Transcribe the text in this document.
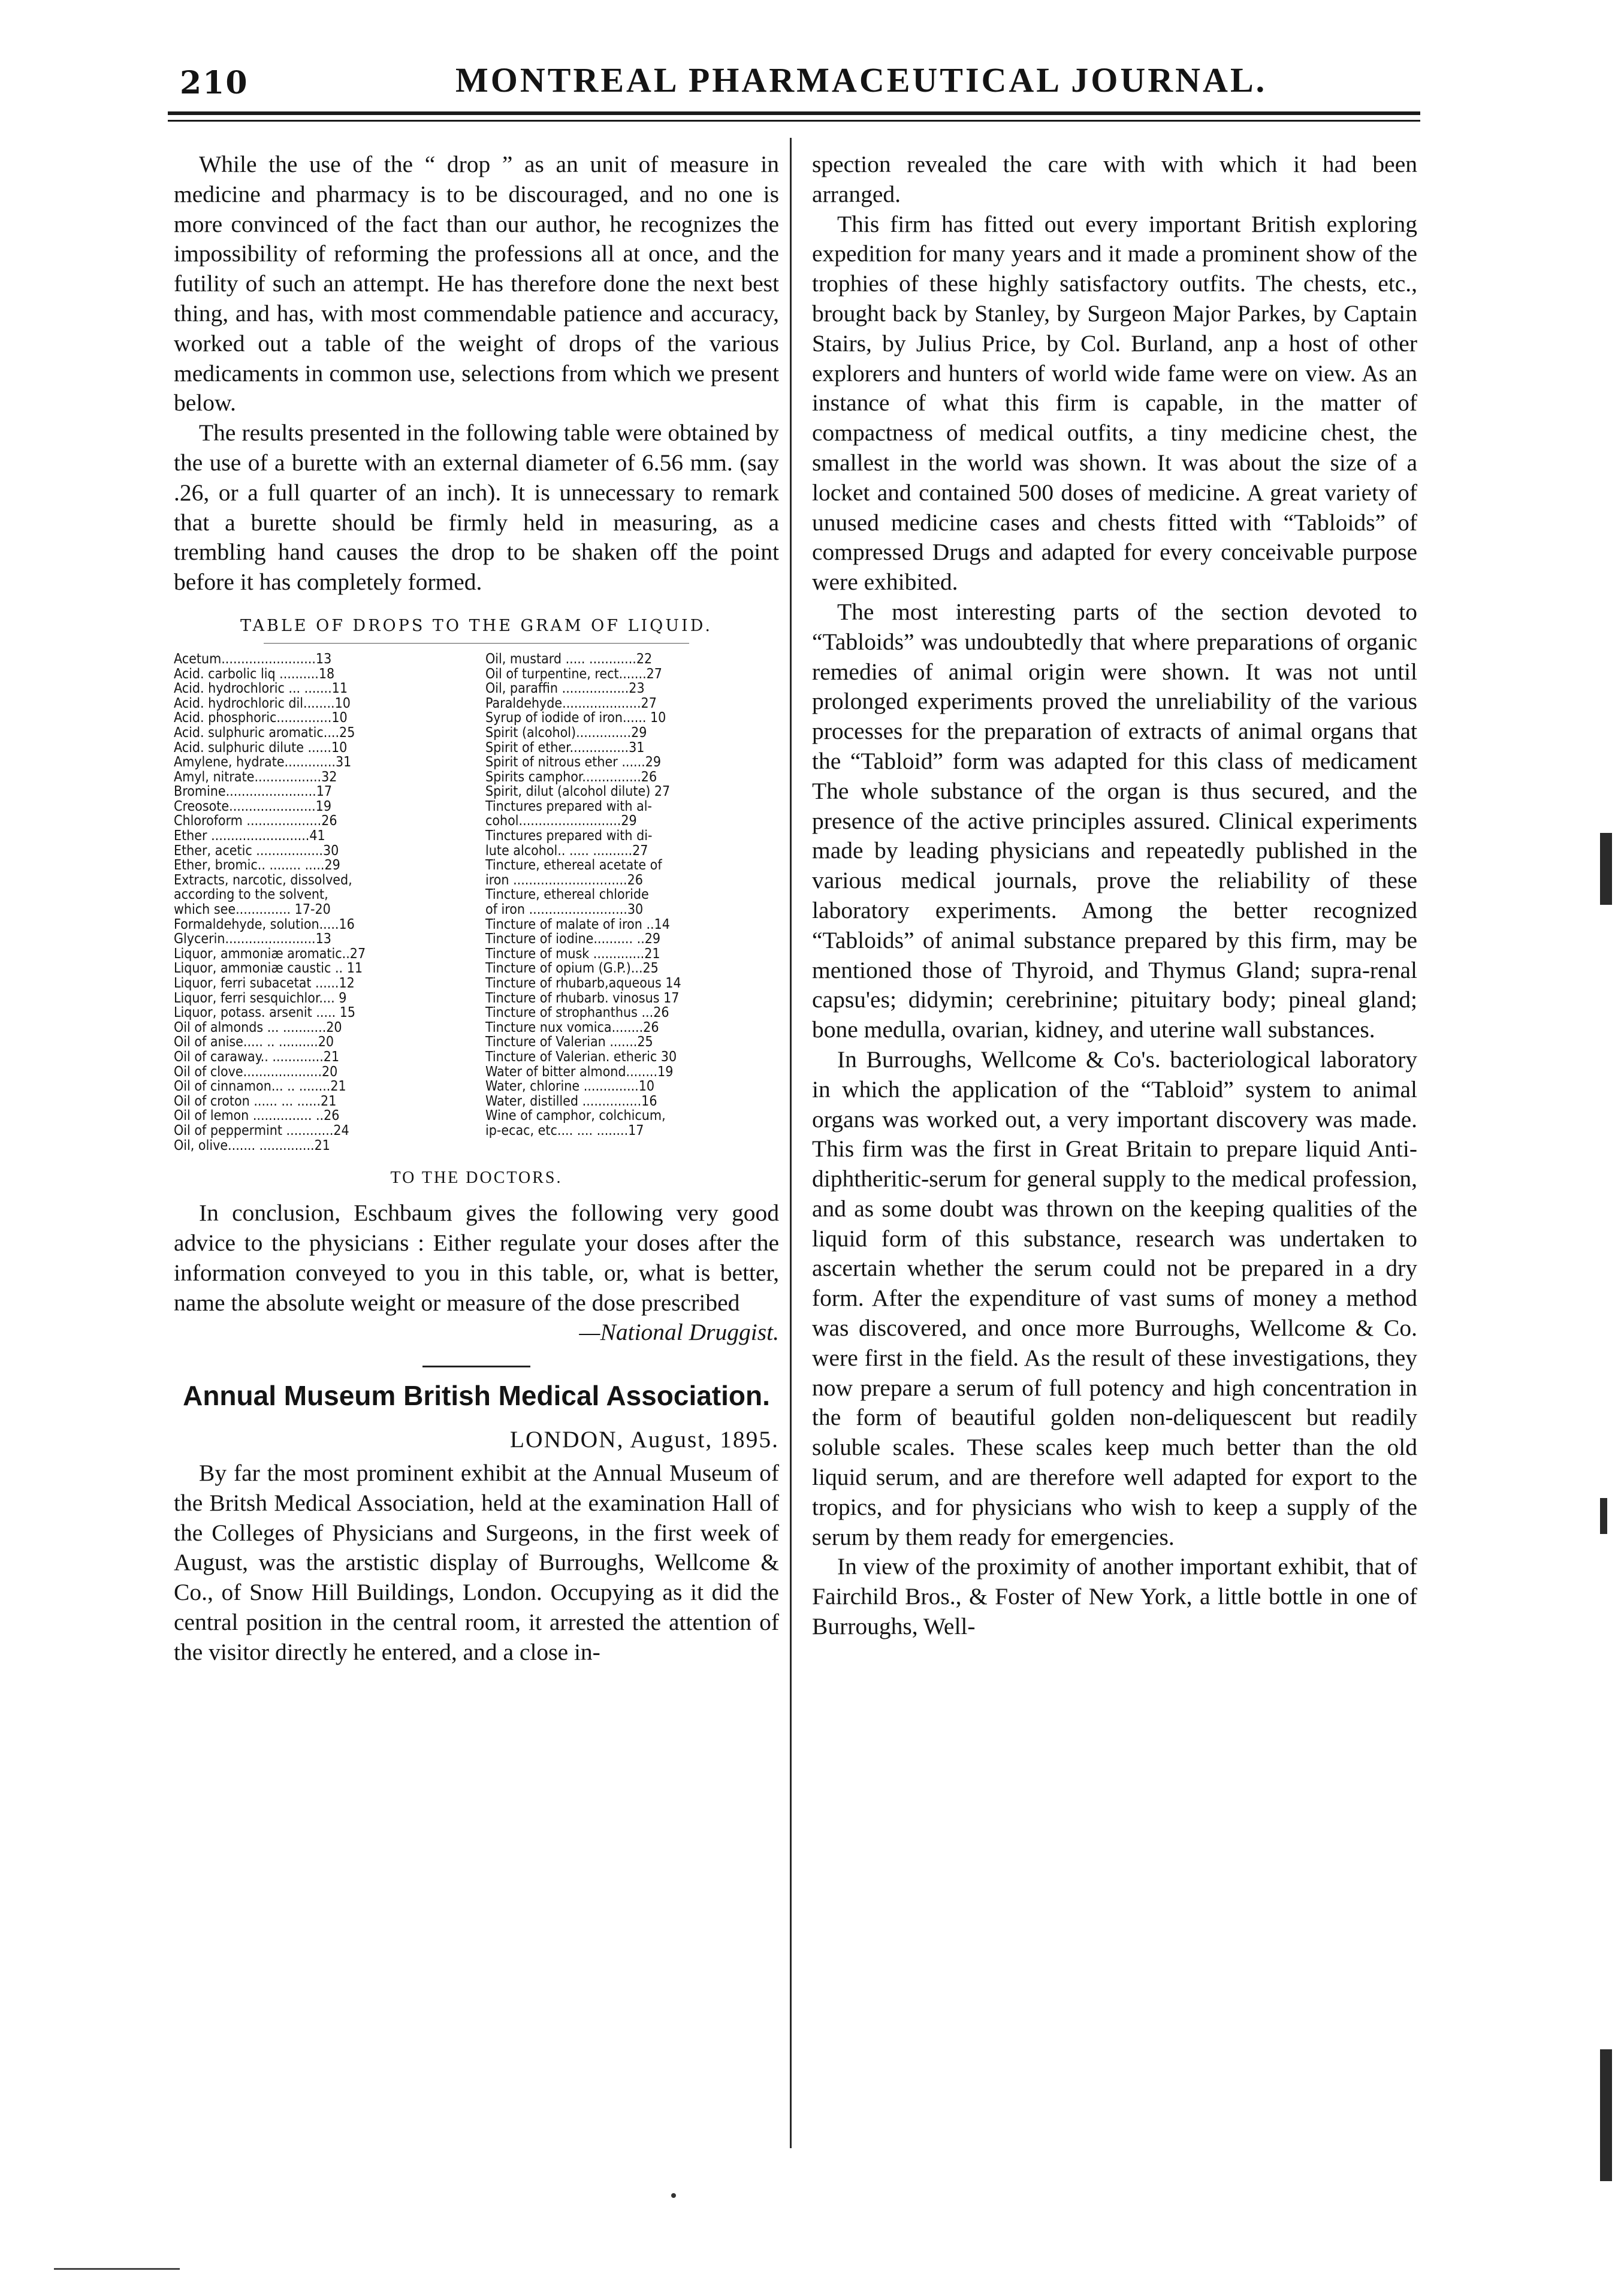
210	MONTREAL PHARMACEUTICAL JOURNAL.

While the use of the “ drop ” as an unit of measure in medicine and pharmacy is to be discouraged, and no one is more convinced of the fact than our author, he recognizes the impossibility of reforming the professions all at once, and the futility of such an attempt. He has therefore done the next best thing, and has, with most commendable patience and accuracy, worked out a table of the weight of drops of the various medicaments in common use, selections from which we present below.

The results presented in the following table were obtained by the use of a burette with an external diameter of 6.56 mm. (say .26, or a full quarter of an inch). It is unnecessary to remark that a burette should be firmly held in measuring, as a trembling hand causes the drop to be shaken off the point before it has completely formed.

TABLE OF DROPS TO THE GRAM OF LIQUID.
Acetum........................13
Acid. carbolic liq ..........18
Acid. hydrochloric ... .......11
Acid. hydrochloric dil........10
Acid. phosphoric..............10
Acid. sulphuric aromatic....25
Acid. sulphuric dilute ......10
Amylene, hydrate.............31
Amyl, nitrate.................32
Bromine.......................17
Creosote......................19
Chloroform ...................26
Ether .........................41
Ether, acetic .................30
Ether, bromic.. ........ .....29
Extracts, narcotic, dissolved,
according to the solvent,
which see.............. 17-20
Formaldehyde, solution.....16
Glycerin.......................13
Liquor, ammoniæ aromatic..27
Liquor, ammoniæ caustic .. 11
Liquor, ferri subacetat ......12
Liquor, ferri sesquichlor.... 9
Liquor, potass. arsenit ..... 15
Oil of almonds ... ...........20
Oil of anise..... .. ..........20
Oil of caraway.. .............21
Oil of clove....................20
Oil of cinnamon... .. ........21
Oil of croton ...... ... ......21
Oil of lemon ............... ..26
Oil of peppermint ............24
Oil, olive....... ..............21
Oil, mustard ..... ............22
Oil of turpentine, rect.......27
Oil, paraffin .................23
Paraldehyde....................27
Syrup of iodide of iron...... 10
Spirit (alcohol)..............29
Spirit of ether...............31
Spirit of nitrous ether ......29
Spirits camphor...............26
Spirit, dilut (alcohol dilute) 27
Tinctures prepared with al-
cohol..........................29
Tinctures prepared with di-
lute alcohol.. ..... ..........27
Tincture, ethereal acetate of
iron .............................26
Tincture, ethereal chloride
of iron .........................30
Tincture of malate of iron ..14
Tincture of iodine.......... ..29
Tincture of musk .............21
Tincture of opium (G.P.)...25
Tincture of rhubarb,aqueous 14
Tincture of rhubarb. vinosus 17
Tincture of strophanthus ...26
Tincture nux vomica........26
Tincture of Valerian .......25
Tincture of Valerian. etheric 30
Water of bitter almond........19
Water, chlorine ..............10
Water, distilled ...............16
Wine of camphor, colchicum,
ip-ecac, etc.... .... ........17
TO THE DOCTORS.

In conclusion, Eschbaum gives the following very good advice to the physicians : Either regulate your doses after the information conveyed to you in this table, or, what is better, name the absolute weight or measure of the dose prescribed

—National Druggist.
Annual Museum British Medical Association.
LONDON, August, 1895.

By far the most prominent exhibit at the Annual Museum of the Britsh Medical Association, held at the examination Hall of the Colleges of Physicians and Surgeons, in the first week of August, was the arstistic display of Burroughs, Wellcome & Co., of Snow Hill Buildings, London. Occupying as it did the central position in the central room, it arrested the attention of the visitor directly he entered, and a close in-

spection revealed the care with with which it had been arranged.

This firm has fitted out every important British exploring expedition for many years and it made a prominent show of the trophies of these highly satisfactory outfits. The chests, etc., brought back by Stanley, by Surgeon Major Parkes, by Captain Stairs, by Julius Price, by Col. Burland, anp a host of other explorers and hunters of world wide fame were on view. As an instance of what this firm is capable, in the matter of compactness of medical outfits, a tiny medicine chest, the smallest in the world was shown. It was about the size of a locket and contained 500 doses of medicine. A great variety of unused medicine cases and chests fitted with “Tabloids” of compressed Drugs and adapted for every conceivable purpose were exhibited.

The most interesting parts of the section devoted to “Tabloids” was undoubtedly that where preparations of organic remedies of animal origin were shown. It was not until prolonged experiments proved the unreliability of the various processes for the preparation of extracts of animal organs that the “Tabloid” form was adapted for this class of medicament The whole substance of the organ is thus secured, and the presence of the active principles assured. Clinical experiments made by leading physicians and repeatedly published in the various medical journals, prove the reliability of these laboratory experiments. Among the better recognized “Tabloids” of animal substance prepared by this firm, may be mentioned those of Thyroid, and Thymus Gland; supra-renal capsu'es; didymin; cerebrinine; pituitary body; pineal gland; bone medulla, ovarian, kidney, and uterine wall substances.

In Burroughs, Wellcome & Co's. bacteriological laboratory in which the application of the “Tabloid” system to animal organs was worked out, a very important discovery was made. This firm was the first in Great Britain to prepare liquid Anti-diphtheritic-serum for general supply to the medical profession, and as some doubt was thrown on the keeping qualities of the liquid form of this substance, research was undertaken to ascertain whether the serum could not be prepared in a dry form. After the expenditure of vast sums of money a method was discovered, and once more Burroughs, Wellcome & Co. were first in the field. As the result of these investigations, they now prepare a serum of full potency and high concentration in the form of beautiful golden non-deliquescent but readily soluble scales. These scales keep much better than the old liquid serum, and are therefore well adapted for export to the tropics, and for physicians who wish to keep a supply of the serum by them ready for emergencies.

In view of the proximity of another important exhibit, that of Fairchild Bros., & Foster of New York, a little bottle in one of Burroughs, Well-
